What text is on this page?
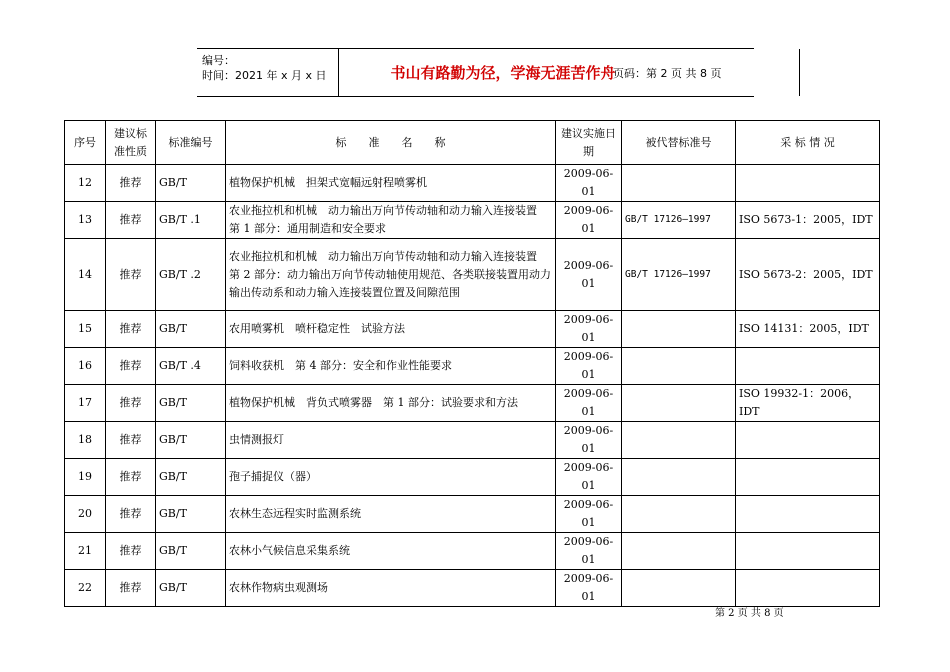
编号：
时间：2021 年 x 月 x 日	书山有路勤为径，学海无涯苦作舟
页码：第 2 页 共 8 页
序号	建议标准性质	标准编号	标　　准　　名　　称	建议实施日　　期	被代替标准号	采 标 情 况
12	推荐	GB/T	植物保护机械　担架式宽幅远射程喷雾机	2009-06-01		
13	推荐	GB/T .1	农业拖拉机和机械　动力输出万向节传动轴和动力输入连接装置　第 1 部分：通用制造和安全要求	2009-06-01	GB/T 17126—1997	ISO 5673-1：2005，IDT
14	推荐	GB/T .2	农业拖拉机和机械　动力输出万向节传动轴和动力输入连接装置　第 2 部分：动力输出万向节传动轴使用规范、各类联接装置用动力输出传动系和动力输入连接装置位置及间隙范围	2009-06-01	GB/T 17126—1997	ISO 5673-2：2005，IDT
15	推荐	GB/T	农用喷雾机　喷杆稳定性　试验方法	2009-06-01		ISO 14131：2005，IDT
16	推荐	GB/T .4	饲料收获机　第 4 部分：安全和作业性能要求	2009-06-01		
17	推荐	GB/T	植物保护机械　背负式喷雾器　第 1 部分：试验要求和方法	2009-06-01		ISO 19932-1：2006，IDT
18	推荐	GB/T	虫情测报灯	2009-06-01		
19	推荐	GB/T	孢子捕捉仪（器）	2009-06-01		
20	推荐	GB/T	农林生态远程实时监测系统	2009-06-01		
21	推荐	GB/T	农林小气候信息采集系统	2009-06-01		
22	推荐	GB/T	农林作物病虫观测场	2009-06-01		
第 2 页 共 8 页
